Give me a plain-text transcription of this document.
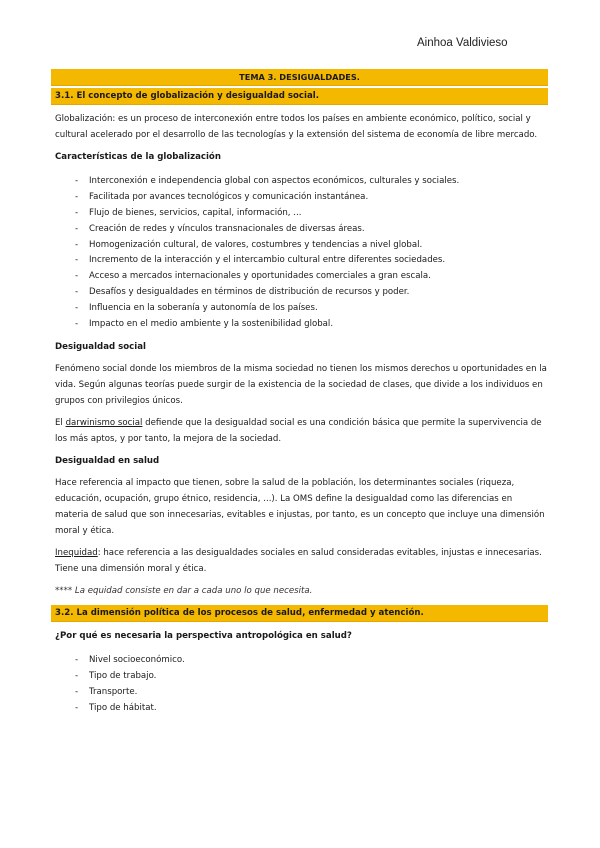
Ainhoa Valdivieso
TEMA 3. DESIGUALDADES.
3.1. El concepto de globalización y desigualdad social.

Globalización: es un proceso de interconexión entre todos los países en ambiente económico, político, social y cultural acelerado por el desarrollo de las tecnologías y la extensión del sistema de economía de libre mercado.

Características de la globalización

- Interconexión e independencia global con aspectos económicos, culturales y sociales.
- Facilitada por avances tecnológicos y comunicación instantánea.
- Flujo de bienes, servicios, capital, información, ...
- Creación de redes y vínculos transnacionales de diversas áreas.
- Homogenización cultural, de valores, costumbres y tendencias a nivel global.
- Incremento de la interacción y el intercambio cultural entre diferentes sociedades.
- Acceso a mercados internacionales y oportunidades comerciales a gran escala.
- Desafíos y desigualdades en términos de distribución de recursos y poder.
- Influencia en la soberanía y autonomía de los países.
- Impacto en el medio ambiente y la sostenibilidad global.

Desigualdad social

Fenómeno social donde los miembros de la misma sociedad no tienen los mismos derechos u oportunidades en la vida. Según algunas teorías puede surgir de la existencia de la sociedad de clases, que divide a los individuos en grupos con privilegios únicos.

El darwinismo social defiende que la desigualdad social es una condición básica que permite la supervivencia de los más aptos, y por tanto, la mejora de la sociedad.

Desigualdad en salud

Hace referencia al impacto que tienen, sobre la salud de la población, los determinantes sociales (riqueza, educación, ocupación, grupo étnico, residencia, ...). La OMS define la desigualdad como las diferencias en materia de salud que son innecesarias, evitables e injustas, por tanto, es un concepto que incluye una dimensión moral y ética.

Inequidad: hace referencia a las desigualdades sociales en salud consideradas evitables, injustas e innecesarias. Tiene una dimensión moral y ética.

**** La equidad consiste en dar a cada uno lo que necesita.

3.2. La dimensión política de los procesos de salud, enfermedad y atención.

¿Por qué es necesaria la perspectiva antropológica en salud?

- Nivel socioeconómico.
- Tipo de trabajo.
- Transporte.
- Tipo de hábitat.
